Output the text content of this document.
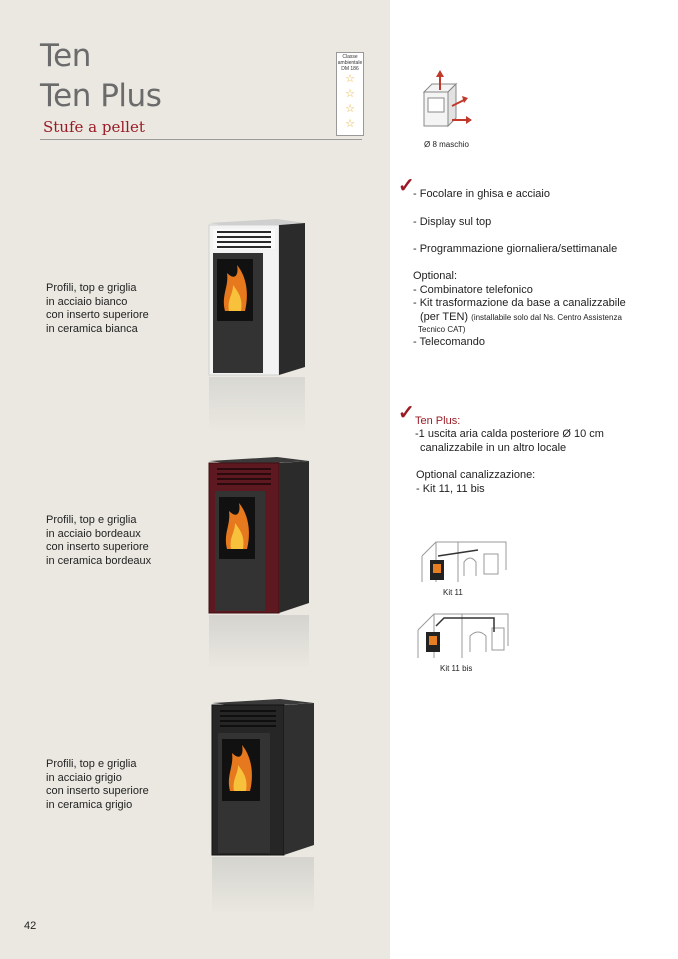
Ten
Ten Plus
Stufe a pellet
Classe ambientale DM 186
☆
☆
☆
☆
Profili, top e griglia
in acciaio bianco
con inserto superiore
in ceramica bianca
Profili, top e griglia
in acciaio bordeaux
con inserto superiore
in ceramica bordeaux
Profili, top e griglia
in acciaio grigio
con inserto superiore
in ceramica grigio
42
Ø 8 maschio
✓
- Focolare in ghisa e acciaio
- Display sul top
- Programmazione giornaliera/settimanale
Optional:
- Combinatore telefonico
- Kit trasformazione da base a canalizzabile
(per TEN) (installabile solo dal Ns. Centro Assistenza
Tecnico CAT)
- Telecomando
✓ Ten Plus:
-1 uscita aria calda posteriore Ø 10 cm
canalizzabile in un altro locale
Optional canalizzazione:
- Kit 11, 11 bis
Kit 11
Kit 11 bis
